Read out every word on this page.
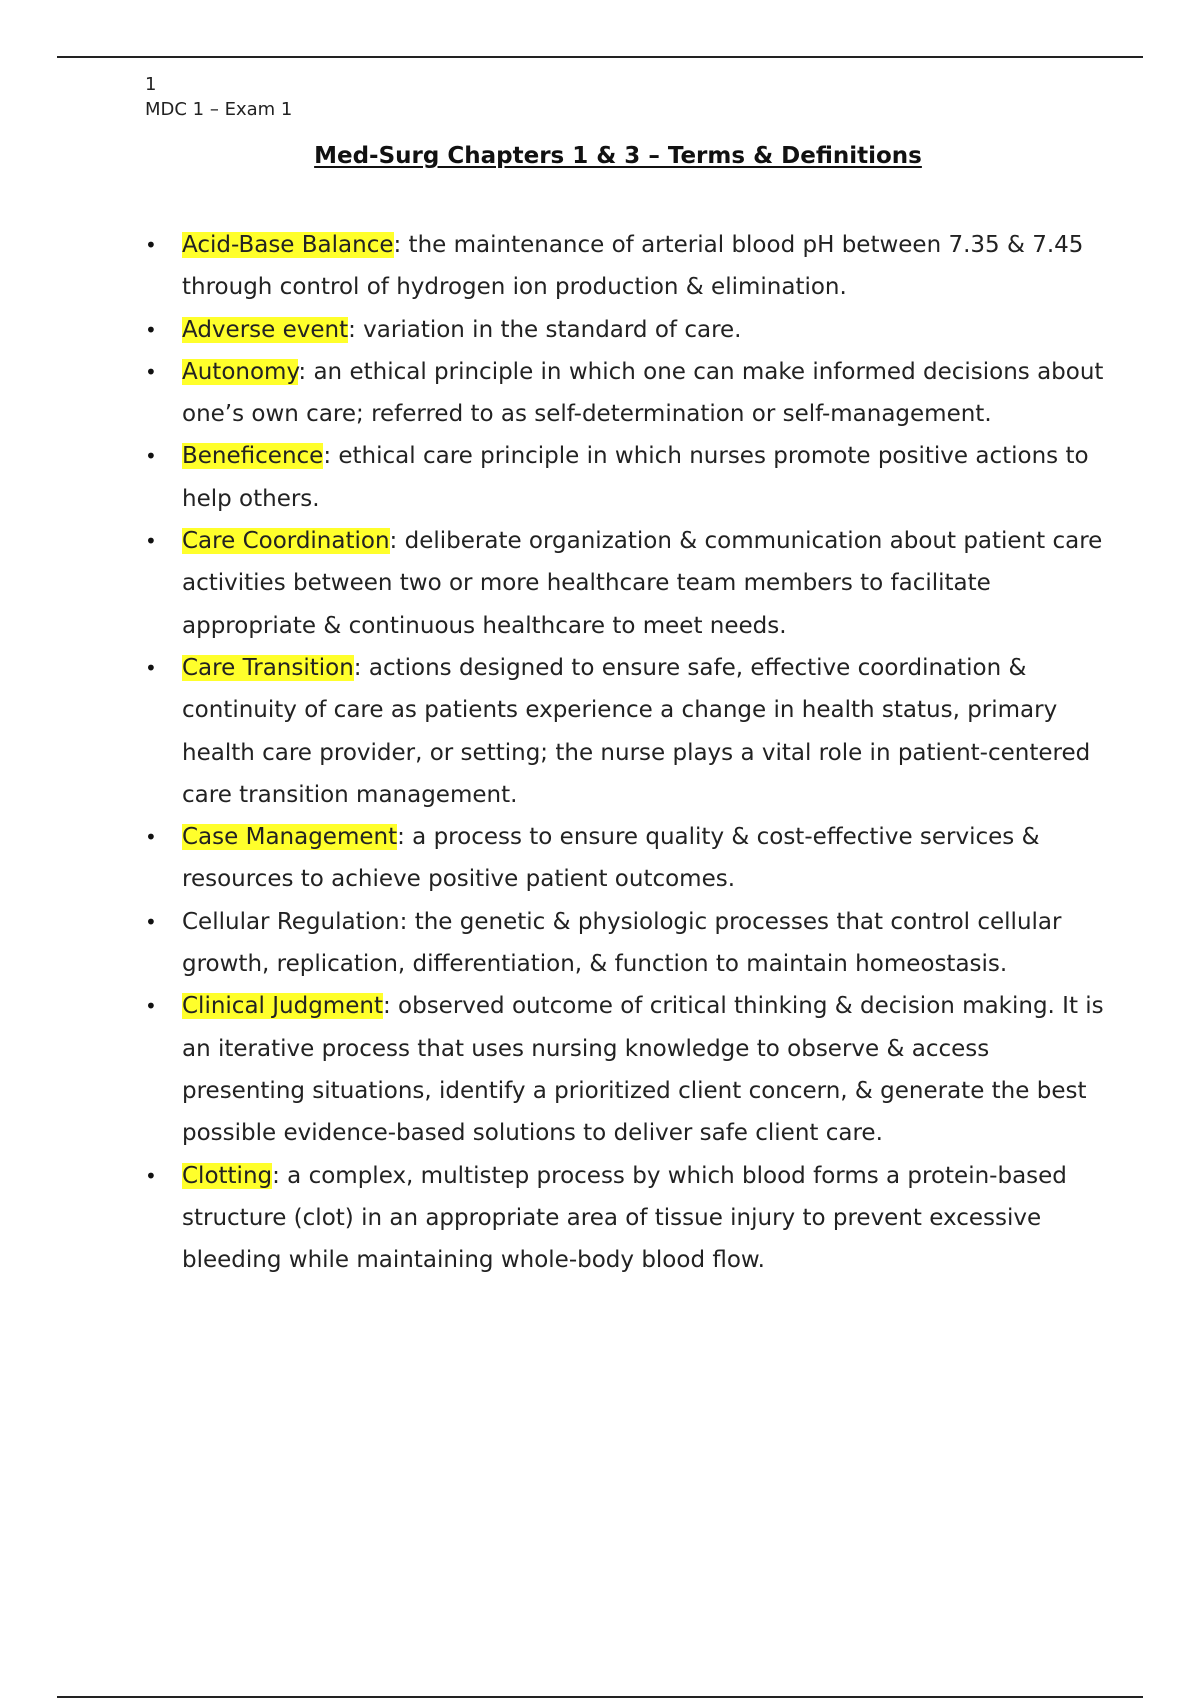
1
MDC 1 – Exam 1
Med-Surg Chapters 1 & 3 – Terms & Definitions
•	Acid-Base Balance: the maintenance of arterial blood pH between 7.35 & 7.45 through control of hydrogen ion production & elimination.
•	Adverse event: variation in the standard of care.
•	Autonomy: an ethical principle in which one can make informed decisions about one’s own care; referred to as self-determination or self-management.
•	Beneficence: ethical care principle in which nurses promote positive actions to help others.
•	Care Coordination: deliberate organization & communication about patient care activities between two or more healthcare team members to facilitate appropriate & continuous healthcare to meet needs.
•	Care Transition: actions designed to ensure safe, effective coordination & continuity of care as patients experience a change in health status, primary health care provider, or setting; the nurse plays a vital role in patient-centered care transition management.
•	Case Management: a process to ensure quality & cost-effective services & resources to achieve positive patient outcomes.
•	Cellular Regulation: the genetic & physiologic processes that control cellular growth, replication, differentiation, & function to maintain homeostasis.
•	Clinical Judgment: observed outcome of critical thinking & decision making. It is an iterative process that uses nursing knowledge to observe & access presenting situations, identify a prioritized client concern, & generate the best possible evidence-based solutions to deliver safe client care.
•	Clotting: a complex, multistep process by which blood forms a protein-based structure (clot) in an appropriate area of tissue injury to prevent excessive bleeding while maintaining whole-body blood flow.
